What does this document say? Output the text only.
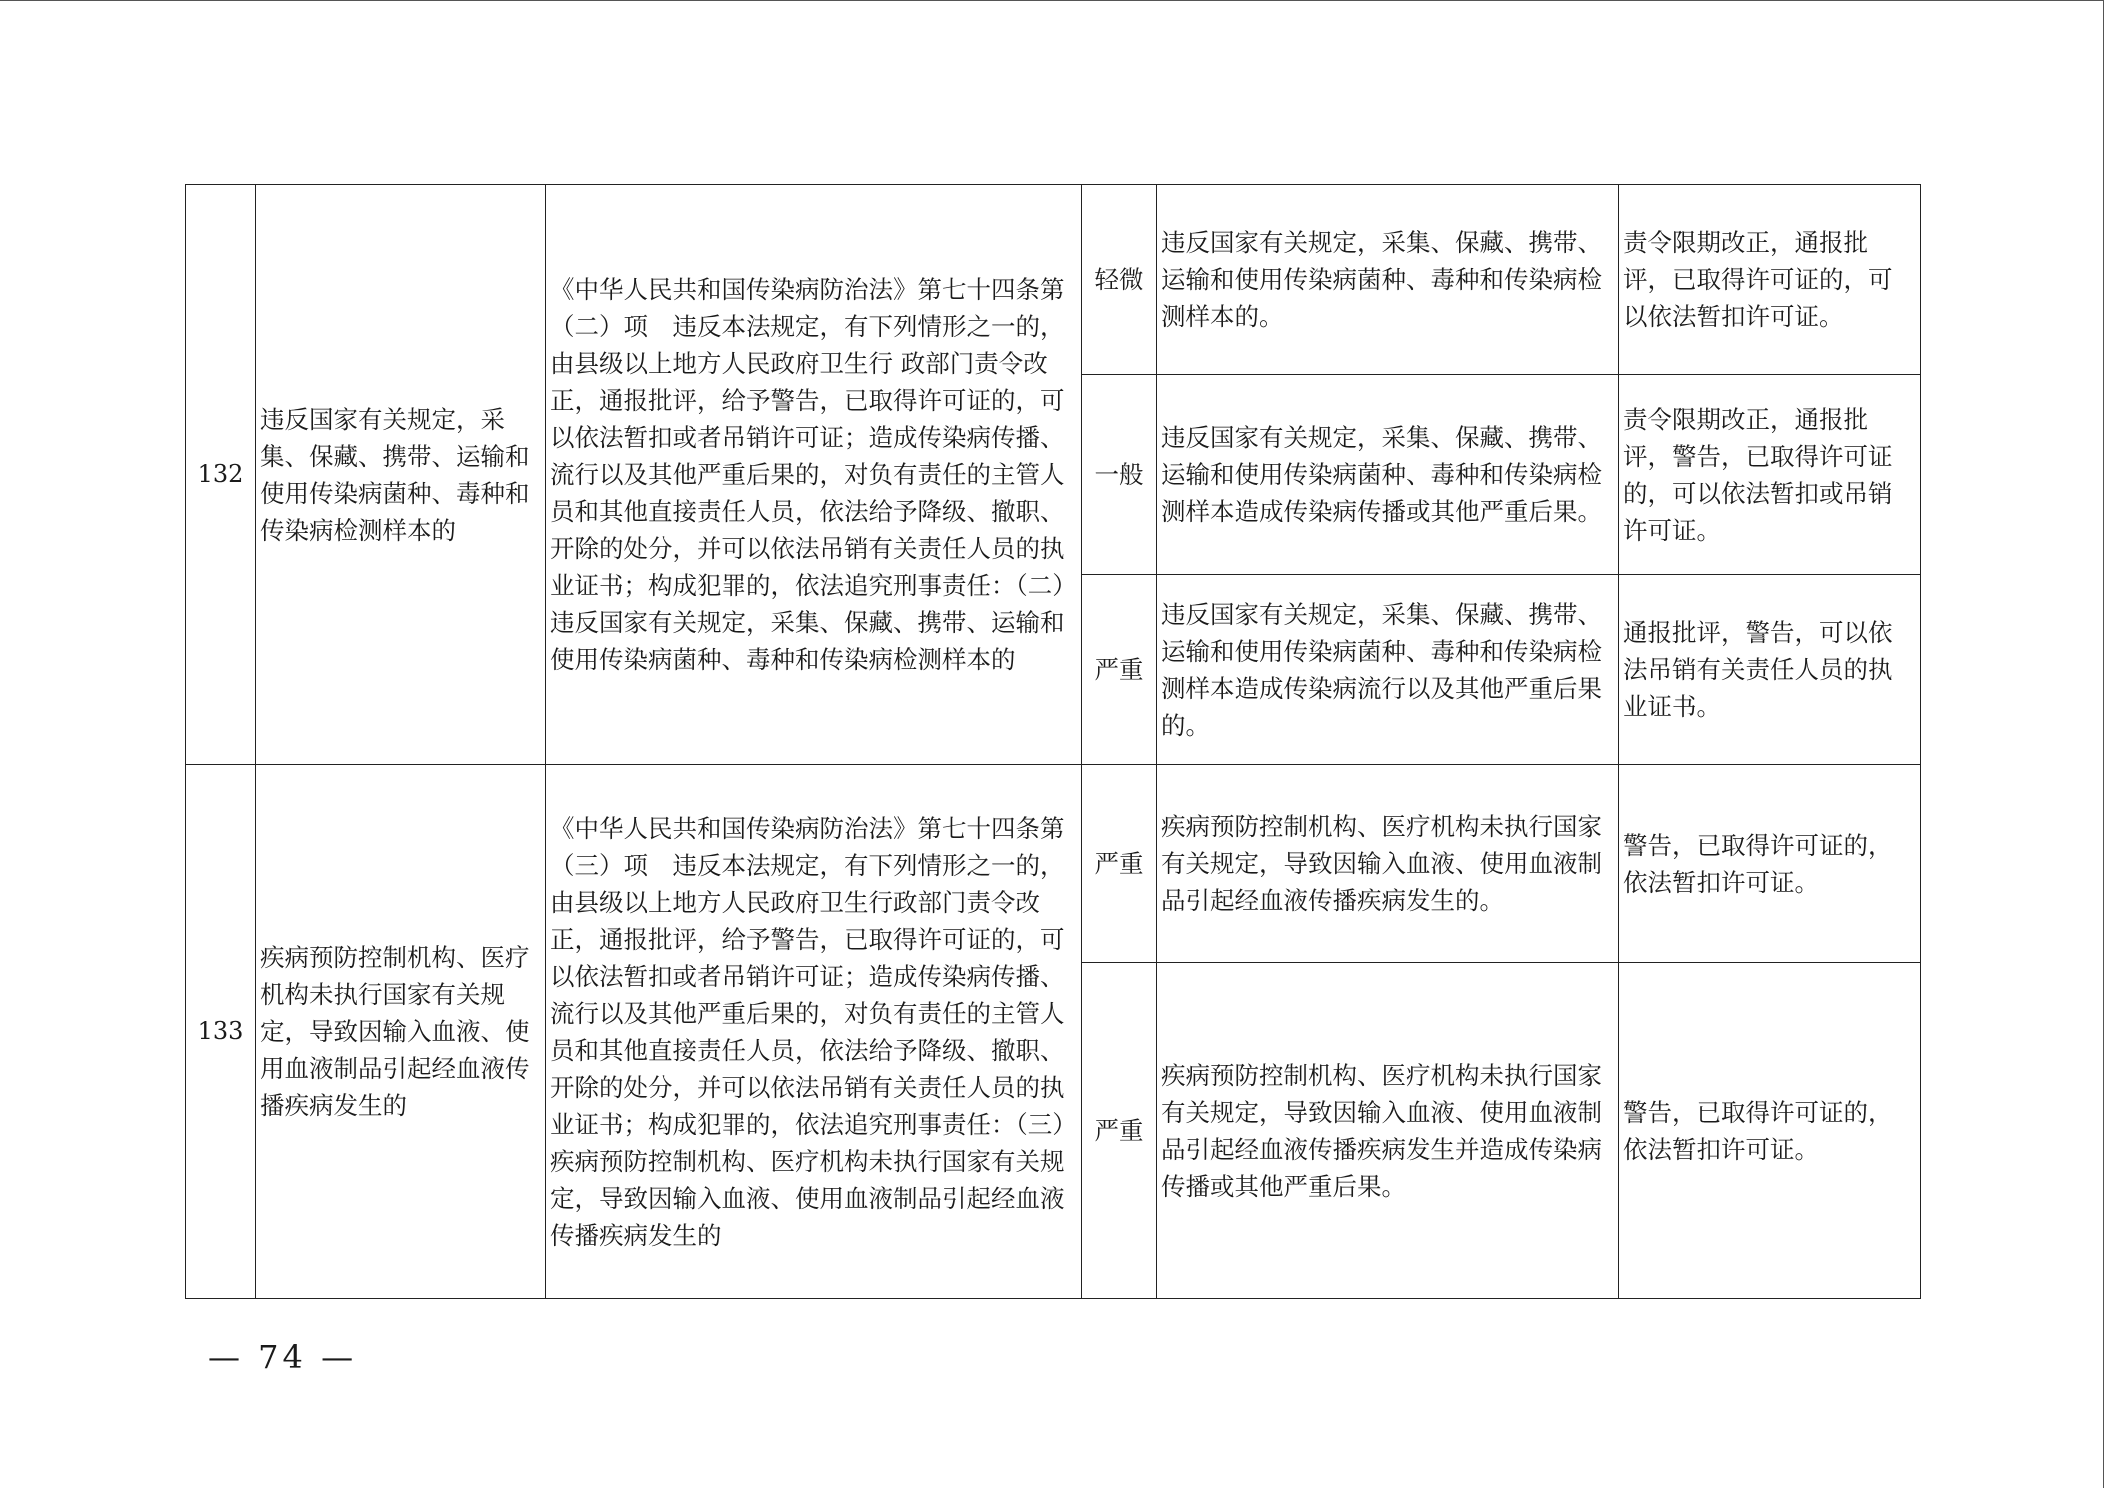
132	违反国家有关规定，采集、保藏、携带、运输和使用传染病菌种、毒种和传染病检测样本的	《中华人民共和国传染病防治法》第七十四条第（二）项　违反本法规定，有下列情形之一的，由县级以上地方人民政府卫生行 政部门责令改正，通报批评，给予警告，已取得许可证的，可以依法暂扣或者吊销许可证；造成传染病传播、流行以及其他严重后果的，对负有责任的主管人员和其他直接责任人员，依法给予降级、撤职、开除的处分，并可以依法吊销有关责任人员的执业证书；构成犯罪的，依法追究刑事责任：（二）违反国家有关规定，采集、保藏、携带、运输和使用传染病菌种、毒种和传染病检测样本的	轻微	违反国家有关规定，采集、保藏、携带、运输和使用传染病菌种、毒种和传染病检测样本的。	责令限期改正，通报批评，已取得许可证的，可以依法暂扣许可证。
			一般	违反国家有关规定，采集、保藏、携带、运输和使用传染病菌种、毒种和传染病检测样本造成传染病传播或其他严重后果。	责令限期改正，通报批评，警告，已取得许可证的，可以依法暂扣或吊销许可证。
			严重	违反国家有关规定，采集、保藏、携带、运输和使用传染病菌种、毒种和传染病检测样本造成传染病流行以及其他严重后果的。	通报批评，警告，可以依法吊销有关责任人员的执业证书。
133	疾病预防控制机构、医疗机构未执行国家有关规定，导致因输入血液、使用血液制品引起经血液传播疾病发生的	《中华人民共和国传染病防治法》第七十四条第（三）项　违反本法规定，有下列情形之一的，由县级以上地方人民政府卫生行政部门责令改正，通报批评，给予警告，已取得许可证的，可以依法暂扣或者吊销许可证；造成传染病传播、流行以及其他严重后果的，对负有责任的主管人员和其他直接责任人员，依法给予降级、撤职、开除的处分，并可以依法吊销有关责任人员的执业证书；构成犯罪的，依法追究刑事责任：（三）疾病预防控制机构、医疗机构未执行国家有关规定，导致因输入血液、使用血液制品引起经血液传播疾病发生的	严重	疾病预防控制机构、医疗机构未执行国家有关规定，导致因输入血液、使用血液制品引起经血液传播疾病发生的。	警告，已取得许可证的，依法暂扣许可证。
			严重	疾病预防控制机构、医疗机构未执行国家有关规定，导致因输入血液、使用血液制品引起经血液传播疾病发生并造成传染病传播或其他严重后果。	警告，已取得许可证的，依法暂扣许可证。
— 74 —
